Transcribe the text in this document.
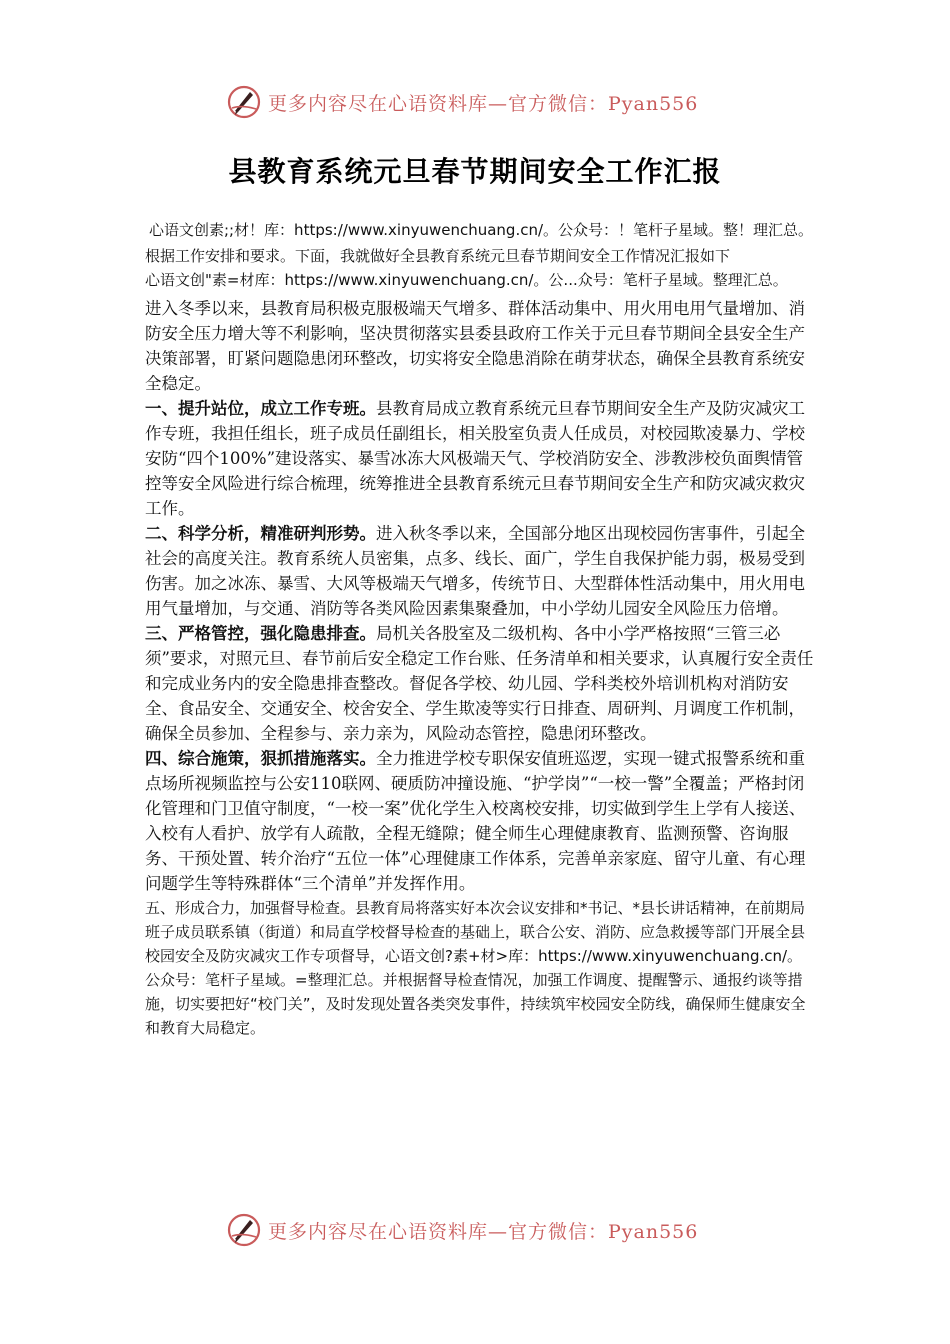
更多内容尽在心语资料库—官方微信：Pyan556
县教育系统元旦春节期间安全工作汇报

心语文创素;;材！库：https://www.xinyuwenchuang.cn/。公众号：！笔杆子星域。整！理汇总。

根据工作安排和要求。下面，我就做好全县教育系统元旦春节期间安全工作情况汇报如下

心语文创"素=材库：https://www.xinyuwenchuang.cn/。公...众号：笔杆子星域。整理汇总。

进入冬季以来，县教育局积极克服极端天气增多、群体活动集中、用火用电用气量增加、消防安全压力增大等不利影响，坚决贯彻落实县委县政府工作关于元旦春节期间全县安全生产决策部署，盯紧问题隐患闭环整改，切实将安全隐患消除在萌芽状态，确保全县教育系统安全稳定。

一、提升站位，成立工作专班。县教育局成立教育系统元旦春节期间安全生产及防灾减灾工作专班，我担任组长，班子成员任副组长，相关股室负责人任成员，对校园欺凌暴力、学校安防“四个100%”建设落实、暴雪冰冻大风极端天气、学校消防安全、涉教涉校负面舆情管控等安全风险进行综合梳理，统筹推进全县教育系统元旦春节期间安全生产和防灾减灾救灾工作。

二、科学分析，精准研判形势。进入秋冬季以来，全国部分地区出现校园伤害事件，引起全社会的高度关注。教育系统人员密集，点多、线长、面广，学生自我保护能力弱，极易受到伤害。加之冰冻、暴雪、大风等极端天气增多，传统节日、大型群体性活动集中，用火用电用气量增加，与交通、消防等各类风险因素集聚叠加，中小学幼儿园安全风险压力倍增。

三、严格管控，强化隐患排查。局机关各股室及二级机构、各中小学严格按照“三管三必须”要求，对照元旦、春节前后安全稳定工作台账、任务清单和相关要求，认真履行安全责任和完成业务内的安全隐患排查整改。督促各学校、幼儿园、学科类校外培训机构对消防安全、食品安全、交通安全、校舍安全、学生欺凌等实行日排查、周研判、月调度工作机制，确保全员参加、全程参与、亲力亲为，风险动态管控，隐患闭环整改。

四、综合施策，狠抓措施落实。全力推进学校专职保安值班巡逻，实现一键式报警系统和重点场所视频监控与公安110联网、硬质防冲撞设施、“护学岗”“一校一警”全覆盖；严格封闭化管理和门卫值守制度，“一校一案”优化学生入校离校安排，切实做到学生上学有人接送、入校有人看护、放学有人疏散，全程无缝隙；健全师生心理健康教育、监测预警、咨询服务、干预处置、转介治疗“五位一体”心理健康工作体系，完善单亲家庭、留守儿童、有心理问题学生等特殊群体“三个清单”并发挥作用。

五、形成合力，加强督导检查。县教育局将落实好本次会议安排和*书记、*县长讲话精神，在前期局班子成员联系镇（街道）和局直学校督导检查的基础上，联合公安、消防、应急救援等部门开展全县校园安全及防灾减灾工作专项督导，心语文创?素+材>库：https://www.xinyuwenchuang.cn/。公众号：笔杆子星域。=整理汇总。并根据督导检查情况，加强工作调度、提醒警示、通报约谈等措施，切实要把好“校门关”，及时发现处置各类突发事件，持续筑牢校园安全防线，确保师生健康安全和教育大局稳定。

更多内容尽在心语资料库—官方微信：Pyan556
